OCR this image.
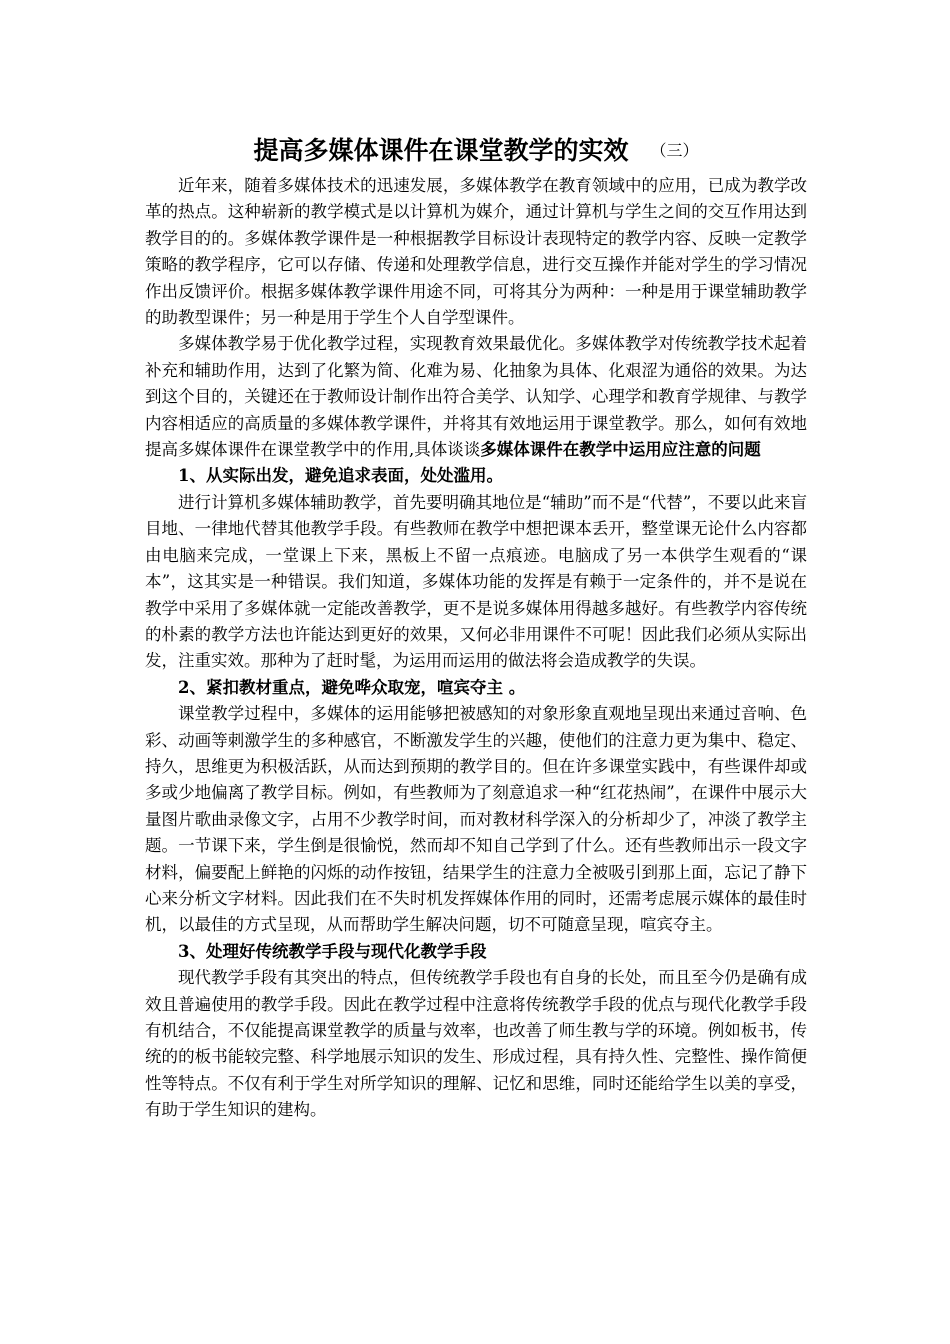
提高多媒体课件在课堂教学的实效 （三）

近年来，随着多媒体技术的迅速发展，多媒体教学在教育领域中的应用，已成为教学改革的热点。这种崭新的教学模式是以计算机为媒介，通过计算机与学生之间的交互作用达到教学目的的。多媒体教学课件是一种根据教学目标设计表现特定的教学内容、反映一定教学策略的教学程序，它可以存储、传递和处理教学信息，进行交互操作并能对学生的学习情况作出反馈评价。根据多媒体教学课件用途不同，可将其分为两种：一种是用于课堂辅助教学的助教型课件；另一种是用于学生个人自学型课件。

多媒体教学易于优化教学过程，实现教育效果最优化。多媒体教学对传统教学技术起着补充和辅助作用，达到了化繁为简、化难为易、化抽象为具体、化艰涩为通俗的效果。为达到这个目的，关键还在于教师设计制作出符合美学、认知学、心理学和教育学规律、与教学内容相适应的高质量的多媒体教学课件，并将其有效地运用于课堂教学。那么，如何有效地提高多媒体课件在课堂教学中的作用,具体谈谈多媒体课件在教学中运用应注意的问题

1、从实际出发，避免追求表面，处处滥用。

进行计算机多媒体辅助教学，首先要明确其地位是“辅助”而不是“代替”，不要以此来盲目地、一律地代替其他教学手段。有些教师在教学中想把课本丢开，整堂课无论什么内容都由电脑来完成，一堂课上下来，黑板上不留一点痕迹。电脑成了另一本供学生观看的“课本”，这其实是一种错误。我们知道，多媒体功能的发挥是有赖于一定条件的，并不是说在教学中采用了多媒体就一定能改善教学，更不是说多媒体用得越多越好。有些教学内容传统的朴素的教学方法也许能达到更好的效果，又何必非用课件不可呢！因此我们必须从实际出发，注重实效。那种为了赶时髦，为运用而运用的做法将会造成教学的失误。

2、紧扣教材重点，避免哗众取宠，喧宾夺主 。

课堂教学过程中，多媒体的运用能够把被感知的对象形象直观地呈现出来通过音响、色彩、动画等刺激学生的多种感官，不断激发学生的兴趣，使他们的注意力更为集中、稳定、持久，思维更为积极活跃，从而达到预期的教学目的。但在许多课堂实践中，有些课件却或多或少地偏离了教学目标。例如，有些教师为了刻意追求一种“红花热闹”，在课件中展示大量图片歌曲录像文字，占用不少教学时间，而对教材科学深入的分析却少了，冲淡了教学主题。一节课下来，学生倒是很愉悦，然而却不知自己学到了什么。还有些教师出示一段文字材料，偏要配上鲜艳的闪烁的动作按钮，结果学生的注意力全被吸引到那上面，忘记了静下心来分析文字材料。因此我们在不失时机发挥媒体作用的同时，还需考虑展示媒体的最佳时机，以最佳的方式呈现，从而帮助学生解决问题，切不可随意呈现，喧宾夺主。

3、处理好传统教学手段与现代化教学手段

现代教学手段有其突出的特点，但传统教学手段也有自身的长处，而且至今仍是确有成效且普遍使用的教学手段。因此在教学过程中注意将传统教学手段的优点与现代化教学手段有机结合，不仅能提高课堂教学的质量与效率，也改善了师生教与学的环境。例如板书，传统的的板书能较完整、科学地展示知识的发生、形成过程，具有持久性、完整性、操作简便性等特点。不仅有利于学生对所学知识的理解、记忆和思维，同时还能给学生以美的享受，有助于学生知识的建构。
